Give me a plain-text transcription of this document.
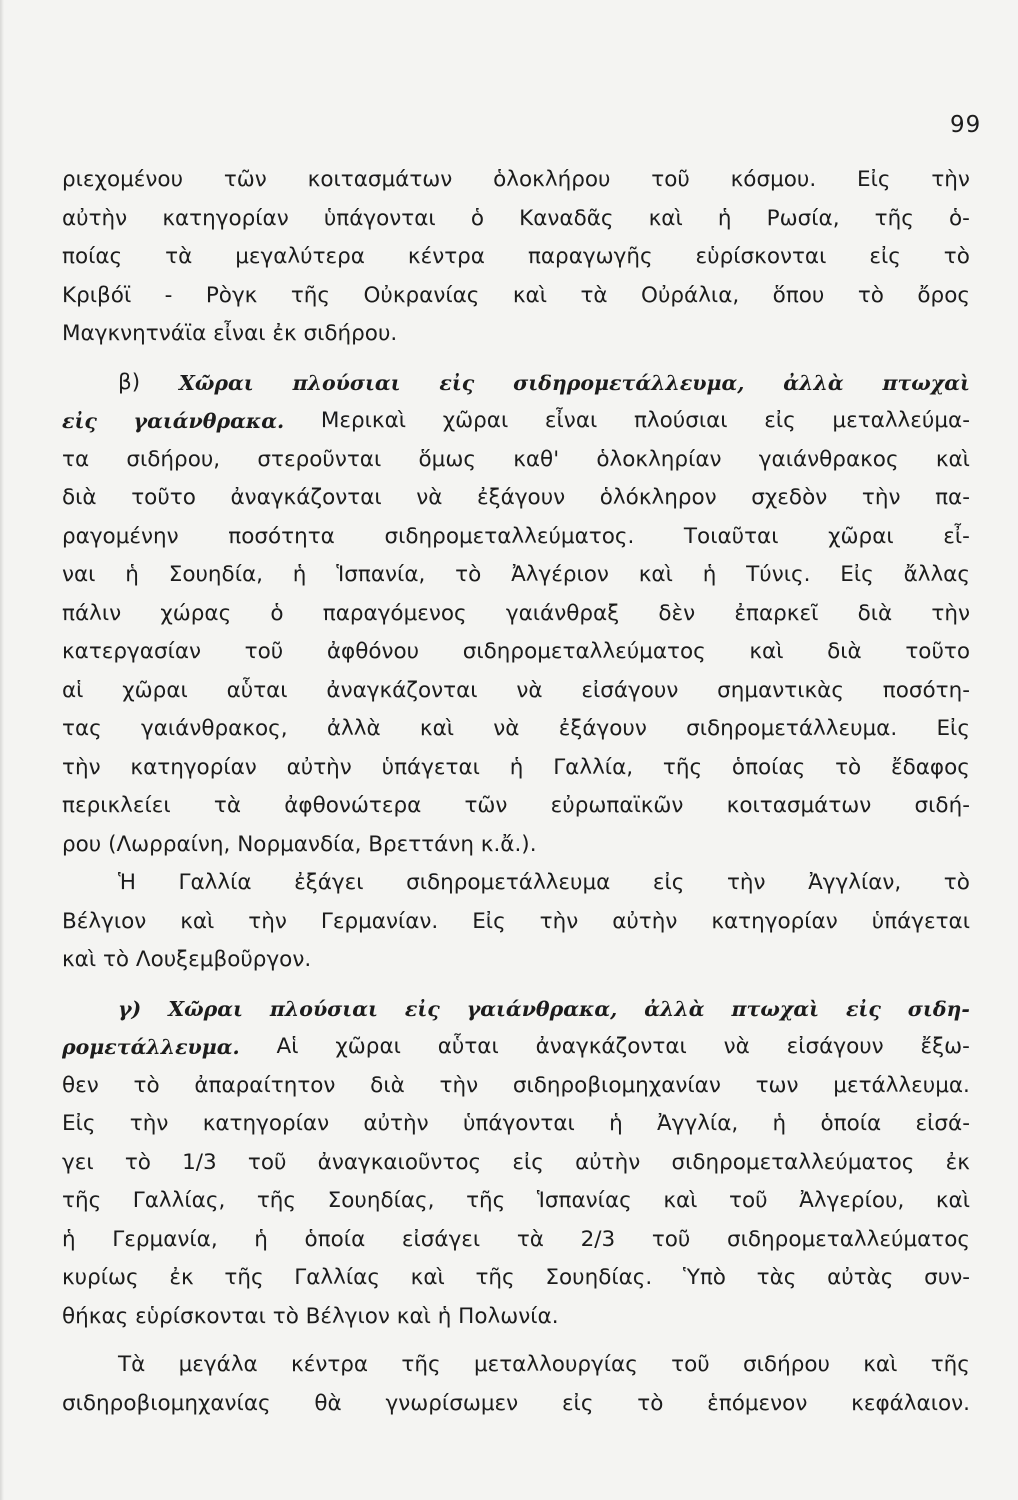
99
ριεχομένου τῶν κοιτασμάτων ὁλοκλήρου τοῦ κόσμου. Εἰς τὴν
αὐτὴν κατηγορίαν ὑπάγονται ὁ Καναδᾶς καὶ ἡ Ρωσία, τῆς ὁ-
ποίας τὰ μεγαλύτερα κέντρα παραγωγῆς εὑρίσκονται εἰς τὸ
Κριβόϊ - Ρὸγκ τῆς Οὐκρανίας καὶ τὰ Οὐράλια, ὅπου τὸ ὄρος
Μαγκνητνάϊα εἶναι ἐκ σιδήρου.
β) Χῶραι πλούσιαι εἰς σιδηρομετάλλευμα, ἀλλὰ πτωχαὶ
εἰς γαιάνθρακα. Μερικαὶ χῶραι εἶναι πλούσιαι εἰς μεταλλεύμα-
τα σιδήρου, στεροῦνται ὅμως καθ' ὁλοκληρίαν γαιάνθρακος καὶ
διὰ τοῦτο ἀναγκάζονται νὰ ἐξάγουν ὁλόκληρον σχεδὸν τὴν πα-
ραγομένην ποσότητα σιδηρομεταλλεύματος. Τοιαῦται χῶραι εἶ-
ναι ἡ Σουηδία, ἡ Ἱσπανία, τὸ Ἀλγέριον καὶ ἡ Τύνις. Εἰς ἄλλας
πάλιν χώρας ὁ παραγόμενος γαιάνθραξ δὲν ἐπαρκεῖ διὰ τὴν
κατεργασίαν τοῦ ἀφθόνου σιδηρομεταλλεύματος καὶ διὰ τοῦτο
αἱ χῶραι αὗται ἀναγκάζονται νὰ εἰσάγουν σημαντικὰς ποσότη-
τας γαιάνθρακος, ἀλλὰ καὶ νὰ ἐξάγουν σιδηρομετάλλευμα. Εἰς
τὴν κατηγορίαν αὐτὴν ὑπάγεται ἡ Γαλλία, τῆς ὁποίας τὸ ἔδαφος
περικλείει τὰ ἀφθονώτερα τῶν εὐρωπαϊκῶν κοιτασμάτων σιδή-
ρου (Λωρραίνη, Νορμανδία, Βρεττάνη κ.ἄ.).
Ἡ Γαλλία ἐξάγει σιδηρομετάλλευμα εἰς τὴν Ἀγγλίαν, τὸ
Βέλγιον καὶ τὴν Γερμανίαν. Εἰς τὴν αὐτὴν κατηγορίαν ὑπάγεται
καὶ τὸ Λουξεμβοῦργον.
γ) Χῶραι πλούσιαι εἰς γαιάνθρακα, ἀλλὰ πτωχαὶ εἰς σιδη-
ρομετάλλευμα. Αἱ χῶραι αὗται ἀναγκάζονται νὰ εἰσάγουν ἔξω-
θεν τὸ ἀπαραίτητον διὰ τὴν σιδηροβιομηχανίαν των μετάλλευμα.
Εἰς τὴν κατηγορίαν αὐτὴν ὑπάγονται ἡ Ἀγγλία, ἡ ὁποία εἰσά-
γει τὸ 1/3 τοῦ ἀναγκαιοῦντος εἰς αὐτὴν σιδηρομεταλλεύματος ἐκ
τῆς Γαλλίας, τῆς Σουηδίας, τῆς Ἱσπανίας καὶ τοῦ Ἀλγερίου, καὶ
ἡ Γερμανία, ἡ ὁποία εἰσάγει τὰ 2/3 τοῦ σιδηρομεταλλεύματος
κυρίως ἐκ τῆς Γαλλίας καὶ τῆς Σουηδίας. Ὑπὸ τὰς αὐτὰς συν-
θήκας εὑρίσκονται τὸ Βέλγιον καὶ ἡ Πολωνία.
Τὰ μεγάλα κέντρα τῆς μεταλλουργίας τοῦ σιδήρου καὶ τῆς
σιδηροβιομηχανίας θὰ γνωρίσωμεν εἰς τὸ ἑπόμενον κεφάλαιον.
